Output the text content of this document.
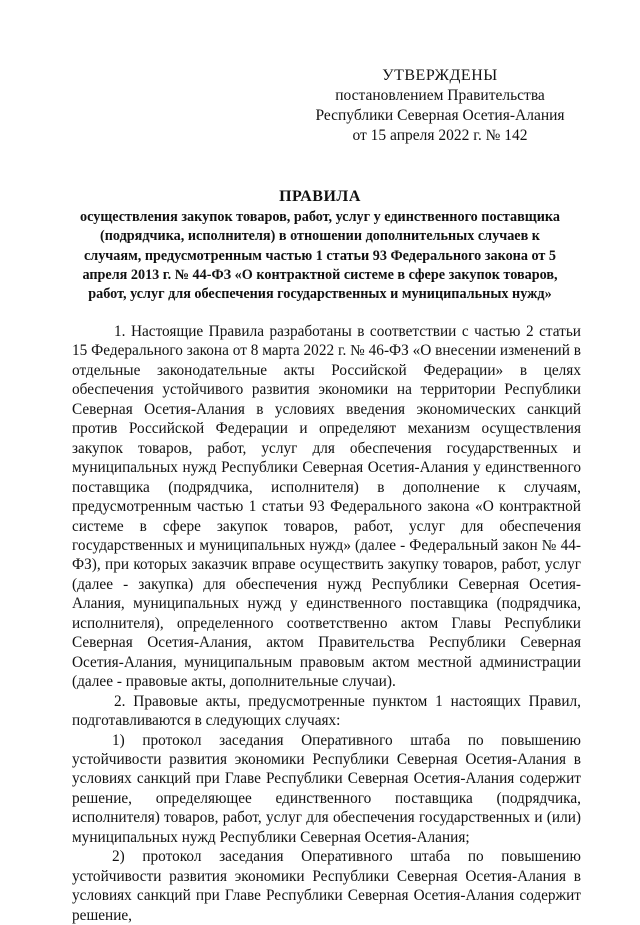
УТВЕРЖДЕНЫ
постановлением Правительства
Республики Северная Осетия-Алания
от 15 апреля 2022 г. № 142
ПРАВИЛА
осуществления закупок товаров, работ, услуг у единственного поставщика (подрядчика, исполнителя) в отношении дополнительных случаев к случаям, предусмотренным частью 1 статьи 93 Федерального закона от 5 апреля 2013 г. № 44-ФЗ «О контрактной системе в сфере закупок товаров, работ, услуг для обеспечения государственных и муниципальных нужд»

1. Настоящие Правила разработаны в соответствии с частью 2 статьи 15 Федерального закона от 8 марта 2022 г. № 46-ФЗ «О внесении изменений в отдельные законодательные акты Российской Федерации» в целях обеспечения устойчивого развития экономики на территории Республики Северная Осетия-Алания в условиях введения экономических санкций против Российской Федерации и определяют механизм осуществления закупок товаров, работ, услуг для обеспечения государственных и муниципальных нужд Республики Северная Осетия-Алания у единственного поставщика (подрядчика, исполнителя) в дополнение к случаям, предусмотренным частью 1 статьи 93 Федерального закона «О контрактной системе в сфере закупок товаров, работ, услуг для обеспечения государственных и муниципальных нужд» (далее - Федеральный закон № 44-ФЗ), при которых заказчик вправе осуществить закупку товаров, работ, услуг (далее - закупка) для обеспечения нужд Республики Северная Осетия-Алания, муниципальных нужд у единственного поставщика (подрядчика, исполнителя), определенного соответственно актом Главы Республики Северная Осетия-Алания, актом Правительства Республики Северная Осетия-Алания, муниципальным правовым актом местной администрации (далее - правовые акты, дополнительные случаи).

2. Правовые акты, предусмотренные пунктом 1 настоящих Правил, подготавливаются в следующих случаях:

1) протокол заседания Оперативного штаба по повышению устойчивости развития экономики Республики Северная Осетия-Алания в условиях санкций при Главе Республики Северная Осетия-Алания содержит решение, определяющее единственного поставщика (подрядчика, исполнителя) товаров, работ, услуг для обеспечения государственных и (или) муниципальных нужд Республики Северная Осетия-Алания;

2) протокол заседания Оперативного штаба по повышению устойчивости развития экономики Республики Северная Осетия-Алания в условиях санкций при Главе Республики Северная Осетия-Алания содержит решение,
